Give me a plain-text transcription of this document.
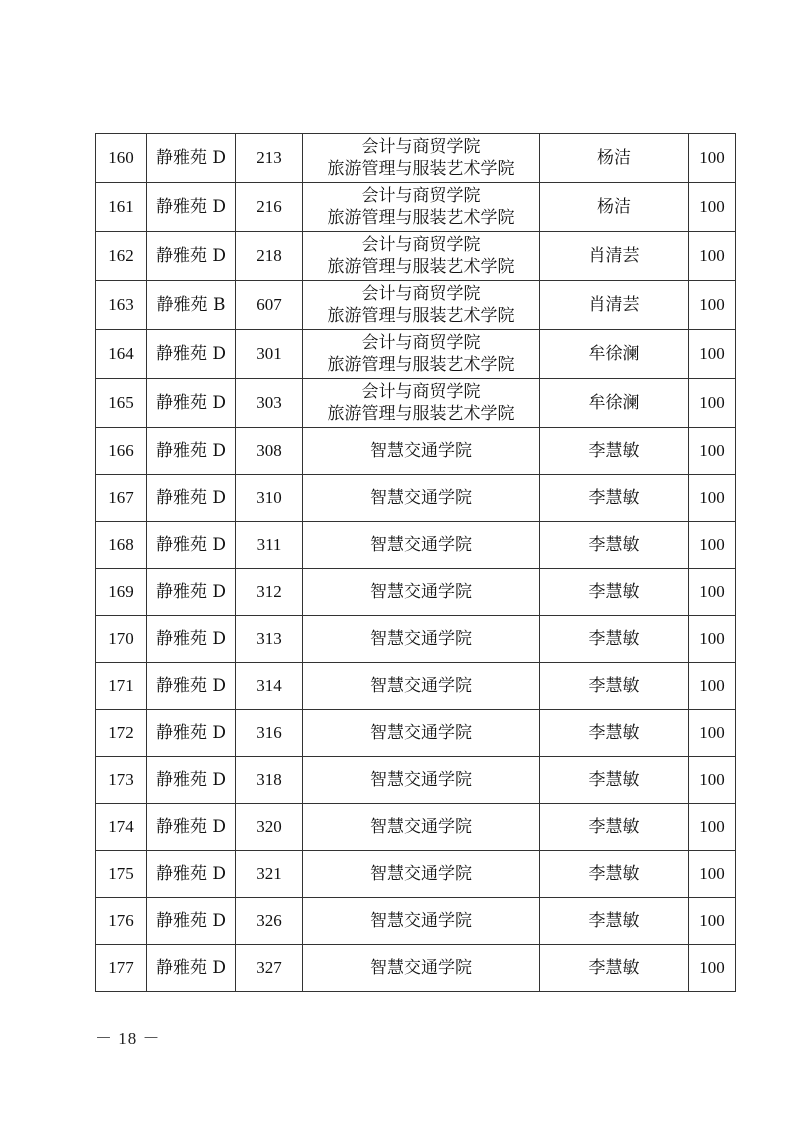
160	静雅苑 D	213	会计与商贸学院
旅游管理与服装艺术学院	杨洁	100
161	静雅苑 D	216	会计与商贸学院
旅游管理与服装艺术学院	杨洁	100
162	静雅苑 D	218	会计与商贸学院
旅游管理与服装艺术学院	肖清芸	100
163	静雅苑 B	607	会计与商贸学院
旅游管理与服装艺术学院	肖清芸	100
164	静雅苑 D	301	会计与商贸学院
旅游管理与服装艺术学院	牟徐澜	100
165	静雅苑 D	303	会计与商贸学院
旅游管理与服装艺术学院	牟徐澜	100
166	静雅苑 D	308	智慧交通学院	李慧敏	100
167	静雅苑 D	310	智慧交通学院	李慧敏	100
168	静雅苑 D	311	智慧交通学院	李慧敏	100
169	静雅苑 D	312	智慧交通学院	李慧敏	100
170	静雅苑 D	313	智慧交通学院	李慧敏	100
171	静雅苑 D	314	智慧交通学院	李慧敏	100
172	静雅苑 D	316	智慧交通学院	李慧敏	100
173	静雅苑 D	318	智慧交通学院	李慧敏	100
174	静雅苑 D	320	智慧交通学院	李慧敏	100
175	静雅苑 D	321	智慧交通学院	李慧敏	100
176	静雅苑 D	326	智慧交通学院	李慧敏	100
177	静雅苑 D	327	智慧交通学院	李慧敏	100
－ 18 －
